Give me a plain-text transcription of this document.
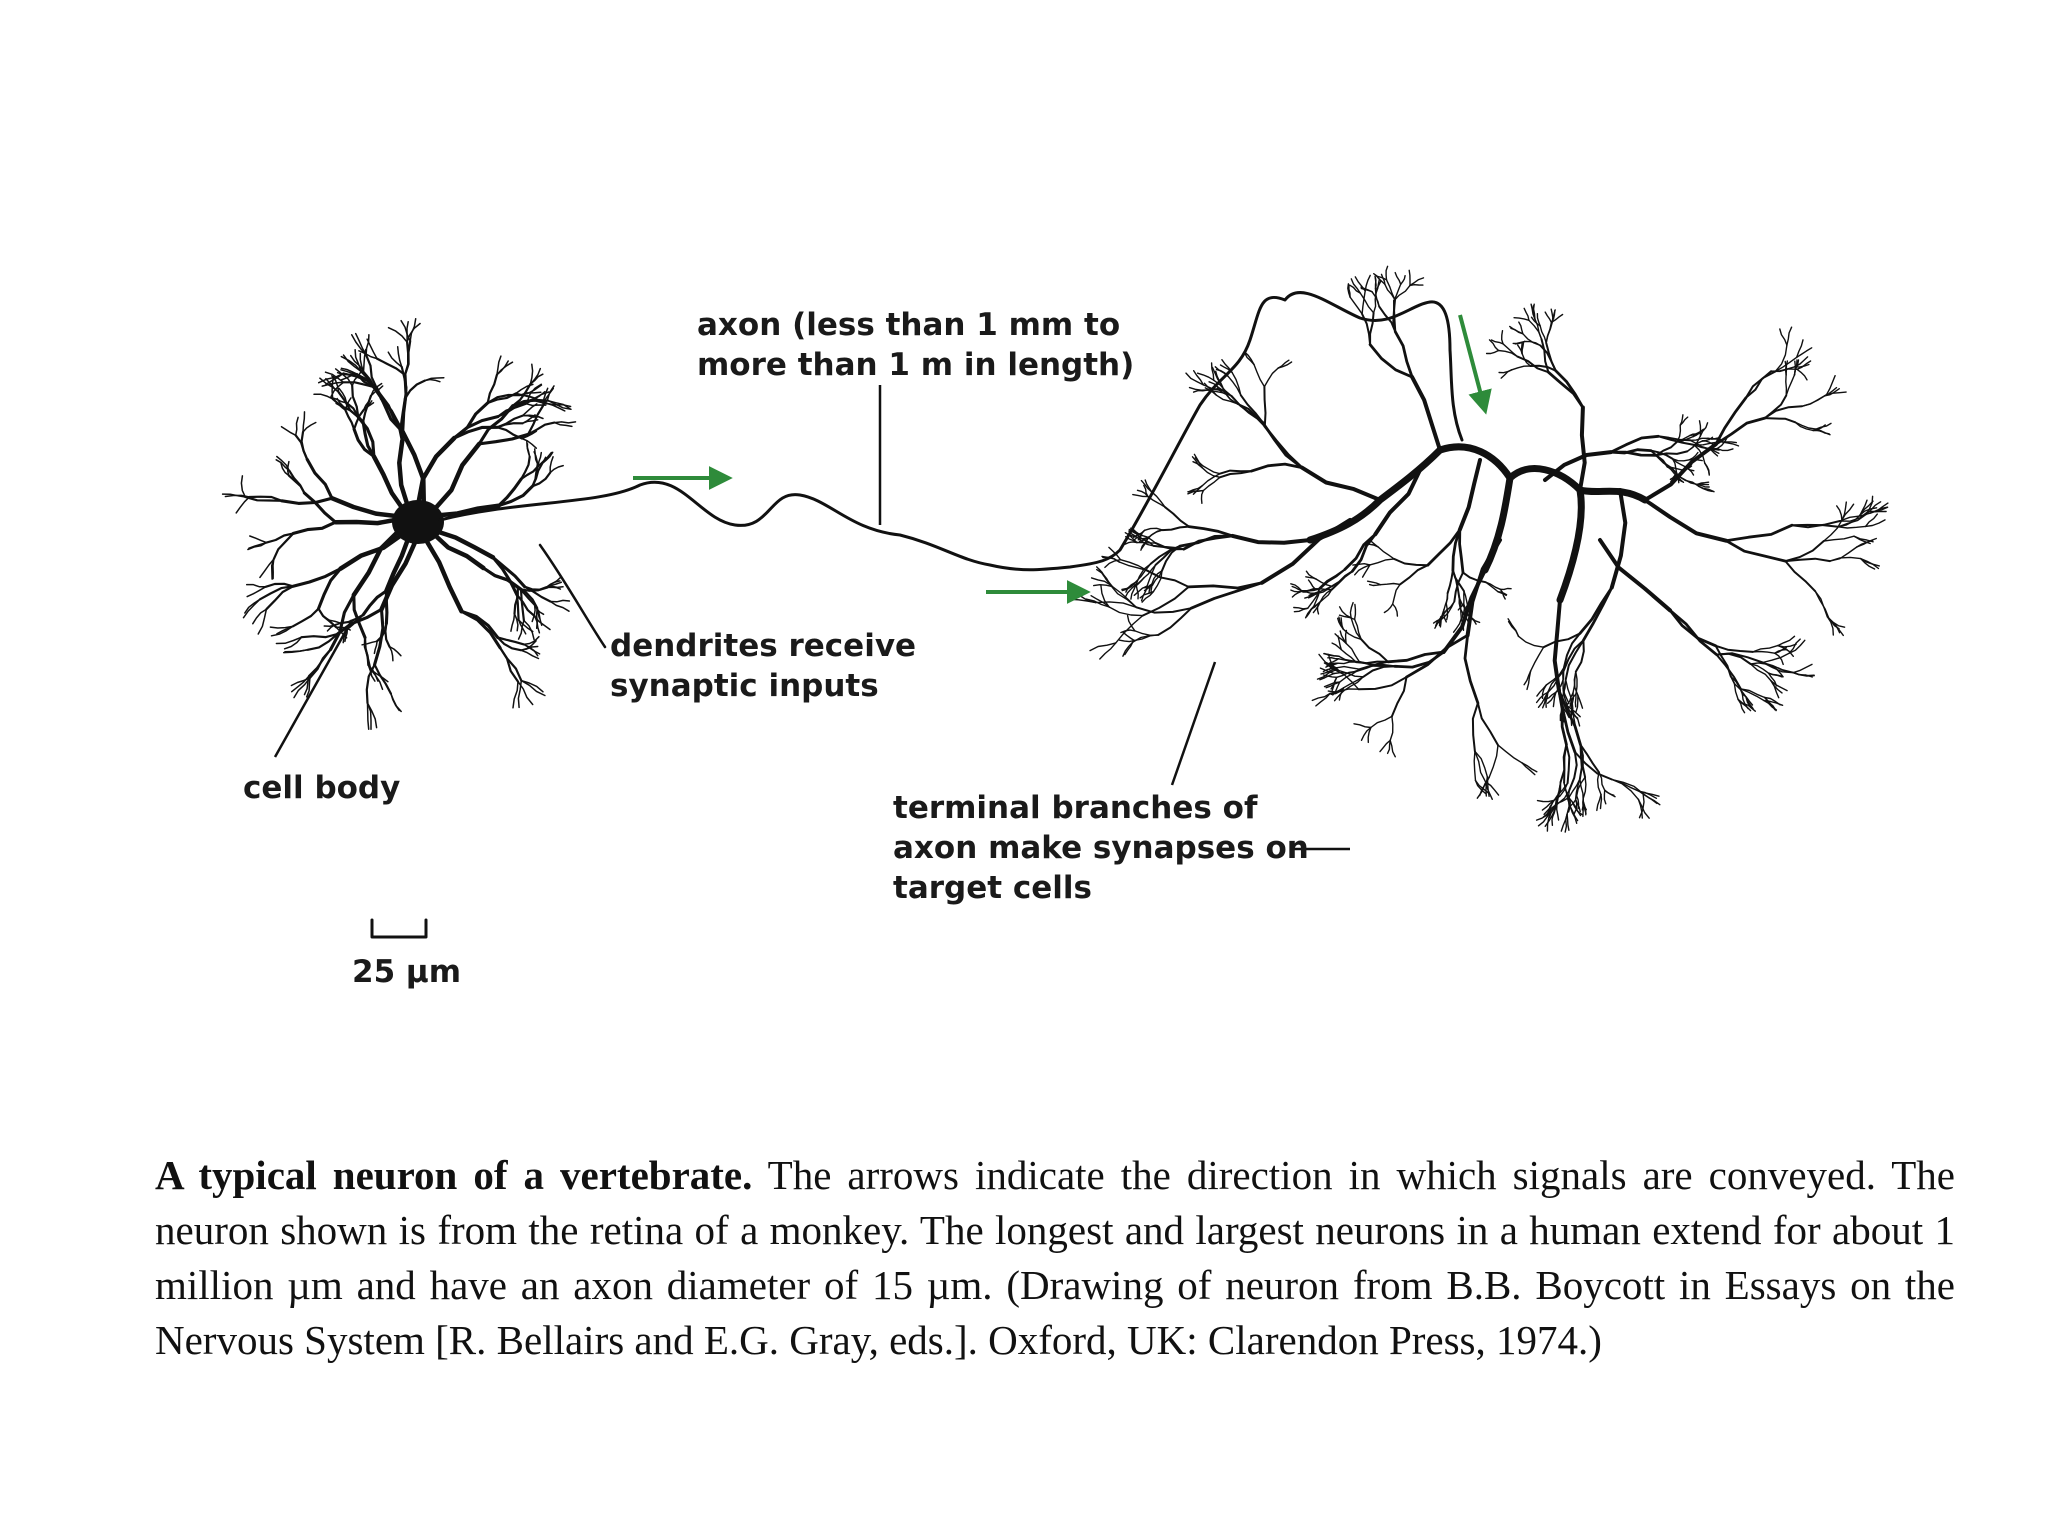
axon (less than 1 mm to
more than 1 m in length)
dendrites receive
synaptic inputs
cell body
terminal branches of
axon make synapses on
target cells
25 µm
A typical neuron of a vertebrate. The arrows indicate the direction in which signals are conveyed. The neuron shown is from the retina of a monkey. The longest and largest neurons in a human extend for about 1 million µm and have an axon diameter of 15 µm. (Drawing of neuron from B.B. Boycott in Essays on the Nervous System [R. Bellairs and E.G. Gray, eds.]. Oxford, UK: Clarendon Press, 1974.)
